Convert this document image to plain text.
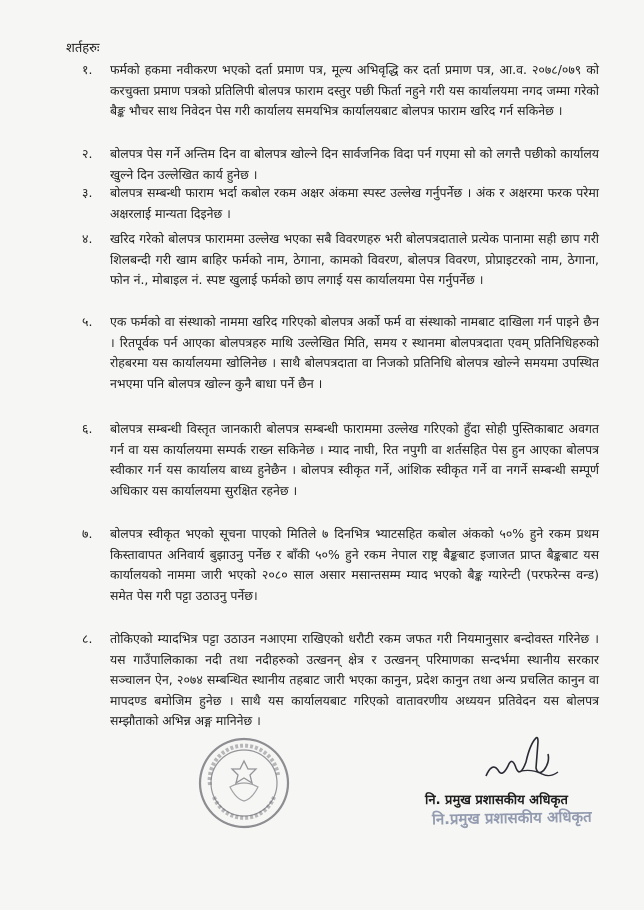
शर्तहरुः
१.	फर्मको हकमा नवीकरण भएको दर्ता प्रमाण पत्र, मूल्य अभिवृद्धि कर दर्ता प्रमाण पत्र, आ.व. २०७८/०७९ को करचुक्ता प्रमाण पत्रको प्रतिलिपी बोलपत्र फाराम दस्तुर पछी फिर्ता नहुने गरी यस कार्यालयमा नगद जम्मा गरेको बैङ्क भौचर साथ निवेदन पेस गरी कार्यालय समयभित्र कार्यालयबाट बोलपत्र फाराम खरिद गर्न सकिनेछ ।
२.	बोलपत्र पेस गर्ने अन्तिम दिन वा बोलपत्र खोल्ने दिन सार्वजनिक विदा पर्न गएमा सो को लगत्तै पछीको कार्यालय खुल्ने दिन उल्लेखित कार्य हुनेछ ।
३.	बोलपत्र सम्बन्धी फाराम भर्दा कबोल रकम अक्षर अंकमा स्पस्ट उल्लेख गर्नुपर्नेछ । अंक र अक्षरमा फरक परेमा अक्षरलाई मान्यता दिइनेछ ।
४.	खरिद गरेको बोलपत्र फाराममा उल्लेख भएका सबै विवरणहरु भरी बोलपत्रदाताले प्रत्येक पानामा सही छाप गरी शिलबन्दी गरी खाम बाहिर फर्मको नाम, ठेगाना, कामको विवरण, बोलपत्र विवरण, प्रोप्राइटरको नाम, ठेगाना, फोन नं., मोबाइल नं. स्पष्ट खुलाई फर्मको छाप लगाई यस कार्यालयमा पेस गर्नुपर्नेछ ।
५.	एक फर्मको वा संस्थाको नाममा खरिद गरिएको बोलपत्र अर्को फर्म वा संस्थाको नामबाट दाखिला गर्न पाइने छैन । रितपूर्वक पर्न आएका बोलपत्रहरु माथि उल्लेखित मिति, समय र स्थानमा बोलपत्रदाता एवम् प्रतिनिधिहरुको रोहबरमा यस कार्यालयमा खोलिनेछ । साथै बोलपत्रदाता वा निजको प्रतिनिधि बोलपत्र खोल्ने समयमा उपस्थित नभएमा पनि बोलपत्र खोल्न कुनै बाधा पर्ने छैन ।
६.	बोलपत्र सम्बन्धी विस्तृत जानकारी बोलपत्र सम्बन्धी फाराममा उल्लेख गरिएको हुँदा सोही पुस्तिकाबाट अवगत गर्न वा यस कार्यालयमा सम्पर्क राख्न सकिनेछ । म्याद नाघी, रित नपुगी वा शर्तसहित पेस हुन आएका बोलपत्र स्वीकार गर्न यस कार्यालय बाध्य हुनेछैन । बोलपत्र स्वीकृत गर्ने, आंशिक स्वीकृत गर्ने वा नगर्ने सम्बन्धी सम्पूर्ण अधिकार यस कार्यालयमा सुरक्षित रहनेछ ।
७.	बोलपत्र स्वीकृत भएको सूचना पाएको मितिले ७ दिनभित्र भ्याटसहित कबोल अंकको ५०% हुने रकम प्रथम किस्तावापत अनिवार्य बुझाउनु पर्नेछ र बाँकी ५०% हुने रकम नेपाल राष्ट्र बैङ्कबाट इजाजत प्राप्त बैङ्कबाट यस कार्यालयको नाममा जारी भएको २०८० साल असार मसान्तसम्म म्याद भएको बैङ्क ग्यारेन्टी (परफरेन्स वन्ड) समेत पेस गरी पट्टा उठाउनु पर्नेछ।
८.	तोकिएको म्यादभित्र पट्टा उठाउन नआएमा राखिएको धरौटी रकम जफत गरी नियमानुसार बन्दोवस्त गरिनेछ । यस गाउँपालिकाका नदी तथा नदीहरुको उत्खनन् क्षेत्र र उत्खनन् परिमाणका सन्दर्भमा स्थानीय सरकार सञ्चालन ऐन, २०७४ सम्बन्धित स्थानीय तहबाट जारी भएका कानुन, प्रदेश कानुन तथा अन्य प्रचलित कानुन वा मापदण्ड बमोजिम हुनेछ । साथै यस कार्यालयबाट गरिएको वातावरणीय अध्ययन प्रतिवेदन यस बोलपत्र सम्झौताको अभिन्न अङ्ग मानिनेछ ।
नि. प्रमुख प्रशासकीय अधिकृत
नि.प्रमुख प्रशासकीय अधिकृत
